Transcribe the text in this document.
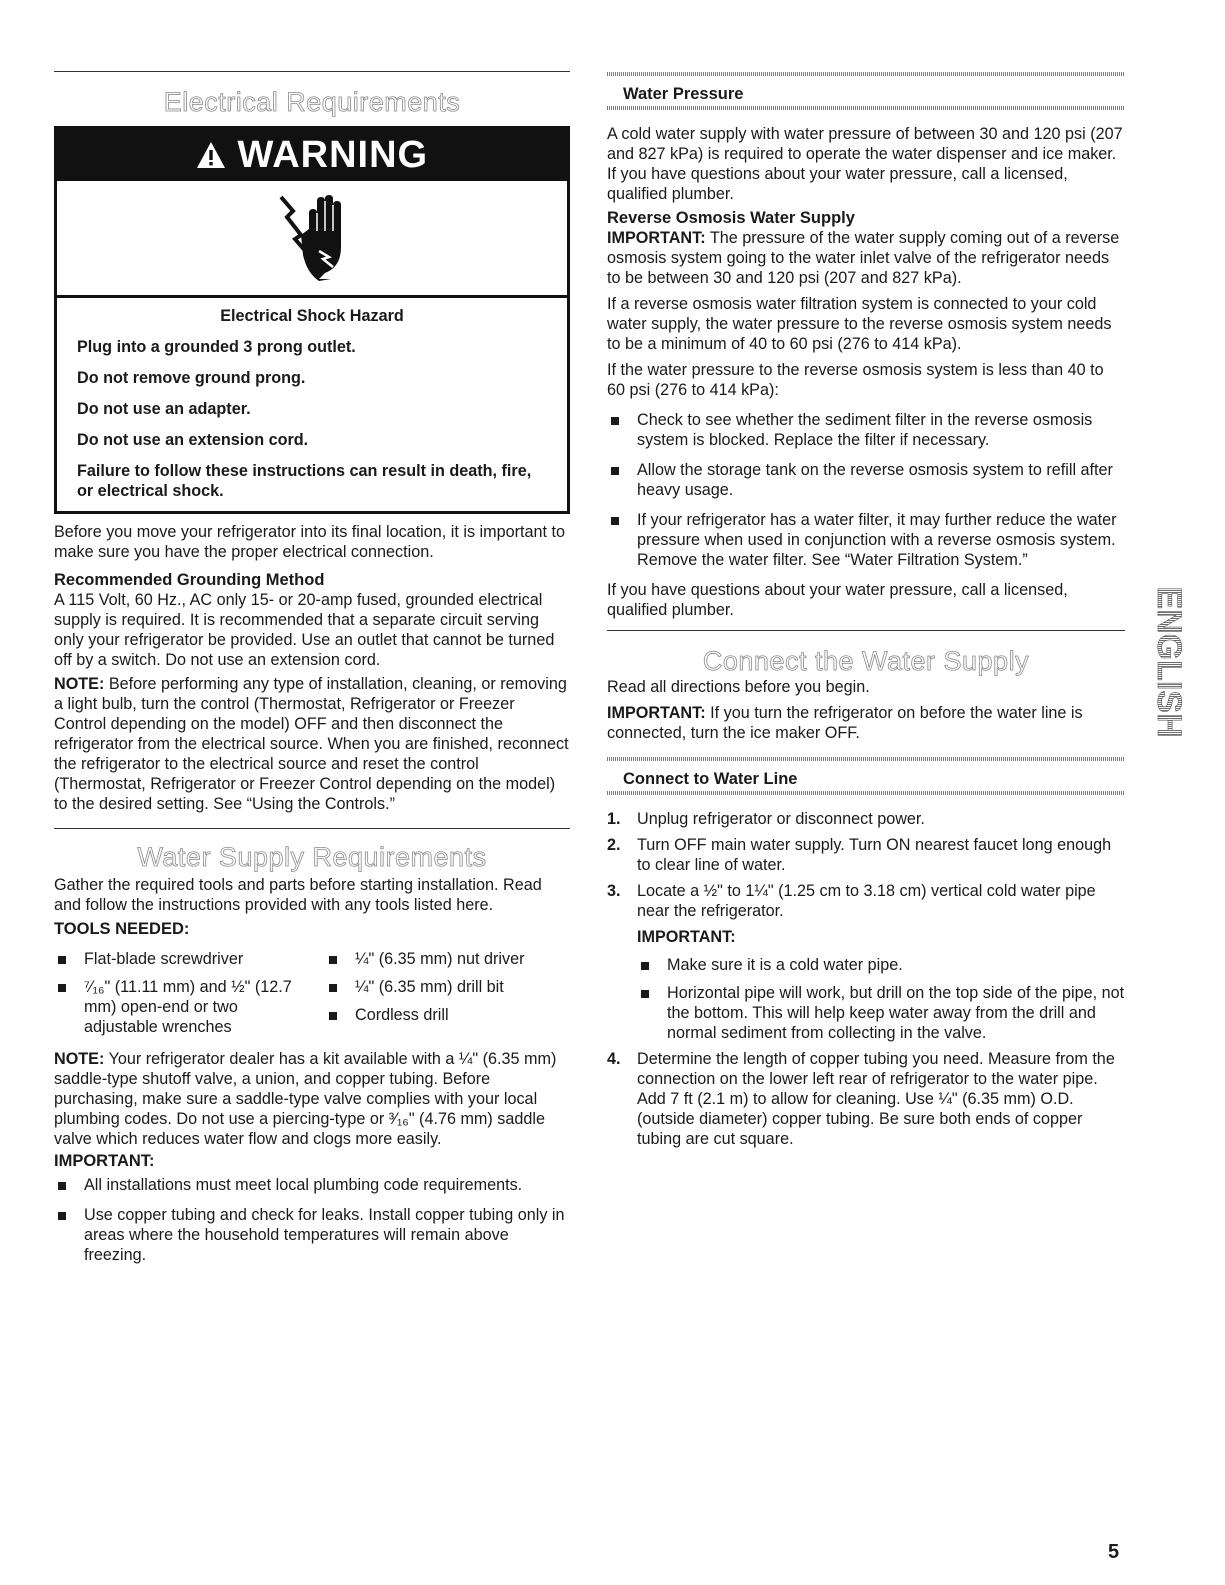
Electrical Requirements
WARNING

Electrical Shock Hazard

Plug into a grounded 3 prong outlet.

Do not remove ground prong.

Do not use an adapter.

Do not use an extension cord.

Failure to follow these instructions can result in death, fire, or electrical shock.

Before you move your refrigerator into its final location, it is important to make sure you have the proper electrical connection.

Recommended Grounding Method

A 115 Volt, 60 Hz., AC only 15- or 20-amp fused, grounded electrical supply is required. It is recommended that a separate circuit serving only your refrigerator be provided. Use an outlet that cannot be turned off by a switch. Do not use an extension cord.

NOTE: Before performing any type of installation, cleaning, or removing a light bulb, turn the control (Thermostat, Refrigerator or Freezer Control depending on the model) OFF and then disconnect the refrigerator from the electrical source. When you are finished, reconnect the refrigerator to the electrical source and reset the control (Thermostat, Refrigerator or Freezer Control depending on the model) to the desired setting. See “Using the Controls.”

Water Supply Requirements

Gather the required tools and parts before starting installation. Read and follow the instructions provided with any tools listed here.

TOOLS NEEDED:
Flat-blade screwdriver
⁷⁄₁₆" (11.11 mm) and ½" (12.7 mm) open-end or two adjustable wrenches
¼" (6.35 mm) nut driver
¼" (6.35 mm) drill bit
Cordless drill

NOTE: Your refrigerator dealer has a kit available with a ¼" (6.35 mm) saddle-type shutoff valve, a union, and copper tubing. Before purchasing, make sure a saddle-type valve complies with your local plumbing codes. Do not use a piercing-type or ³⁄₁₆" (4.76 mm) saddle valve which reduces water flow and clogs more easily.

IMPORTANT:
All installations must meet local plumbing code requirements.
Use copper tubing and check for leaks. Install copper tubing only in areas where the household temperatures will remain above freezing.
Water Pressure

A cold water supply with water pressure of between 30 and 120 psi (207 and 827 kPa) is required to operate the water dispenser and ice maker. If you have questions about your water pressure, call a licensed, qualified plumber.

Reverse Osmosis Water Supply

IMPORTANT: The pressure of the water supply coming out of a reverse osmosis system going to the water inlet valve of the refrigerator needs to be between 30 and 120 psi (207 and 827 kPa).

If a reverse osmosis water filtration system is connected to your cold water supply, the water pressure to the reverse osmosis system needs to be a minimum of 40 to 60 psi (276 to 414 kPa).

If the water pressure to the reverse osmosis system is less than 40 to 60 psi (276 to 414 kPa):

Check to see whether the sediment filter in the reverse osmosis system is blocked. Replace the filter if necessary.
Allow the storage tank on the reverse osmosis system to refill after heavy usage.
If your refrigerator has a water filter, it may further reduce the water pressure when used in conjunction with a reverse osmosis system. Remove the water filter. See “Water Filtration System.”

If you have questions about your water pressure, call a licensed, qualified plumber.

Connect the Water Supply

Read all directions before you begin.

IMPORTANT: If you turn the refrigerator on before the water line is connected, turn the ice maker OFF.

Connect to Water Line
1. Unplug refrigerator or disconnect power.
2. Turn OFF main water supply. Turn ON nearest faucet long enough to clear line of water.
3. Locate a ½" to 1¼" (1.25 cm to 3.18 cm) vertical cold water pipe near the refrigerator.
IMPORTANT:
Make sure it is a cold water pipe.
Horizontal pipe will work, but drill on the top side of the pipe, not the bottom. This will help keep water away from the drill and normal sediment from collecting in the valve.
4. Determine the length of copper tubing you need. Measure from the connection on the lower left rear of refrigerator to the water pipe. Add 7 ft (2.1 m) to allow for cleaning. Use ¼" (6.35 mm) O.D. (outside diameter) copper tubing. Be sure both ends of copper tubing are cut square.
ENGLISH
5
